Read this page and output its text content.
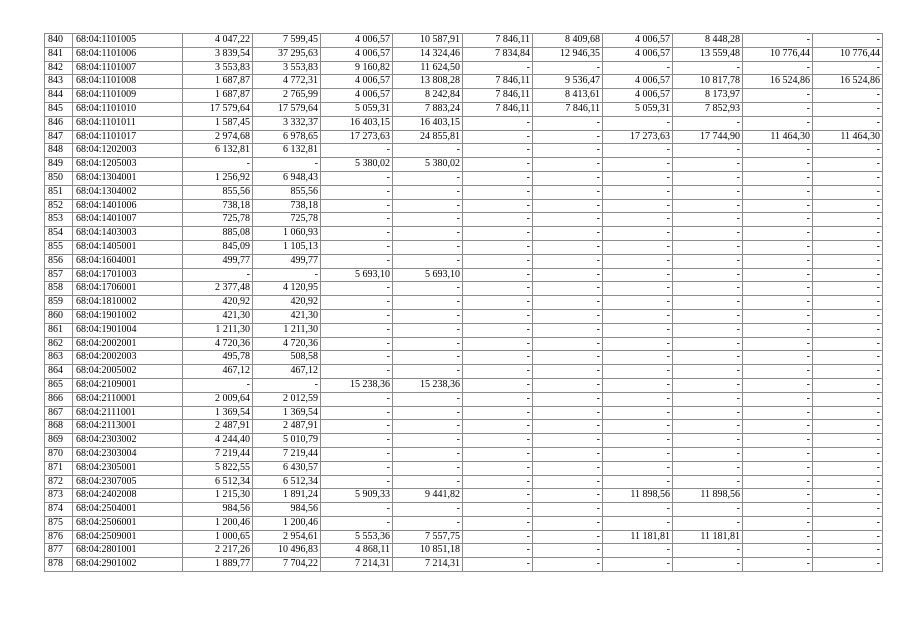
840	68:04:1101005	4 047,22	7 599,45	4 006,57	10 587,91	7 846,11	8 409,68	4 006,57	8 448,28	-	-
841	68:04:1101006	3 839,54	37 295,63	4 006,57	14 324,46	7 834,84	12 946,35	4 006,57	13 559,48	10 776,44	10 776,44
842	68:04:1101007	3 553,83	3 553,83	9 160,82	11 624,50	-	-	-	-	-	-
843	68:04:1101008	1 687,87	4 772,31	4 006,57	13 808,28	7 846,11	9 536,47	4 006,57	10 817,78	16 524,86	16 524,86
844	68:04:1101009	1 687,87	2 765,99	4 006,57	8 242,84	7 846,11	8 413,61	4 006,57	8 173,97	-	-
845	68:04:1101010	17 579,64	17 579,64	5 059,31	7 883,24	7 846,11	7 846,11	5 059,31	7 852,93	-	-
846	68:04:1101011	1 587,45	3 332,37	16 403,15	16 403,15	-	-	-	-	-	-
847	68:04:1101017	2 974,68	6 978,65	17 273,63	24 855,81	-	-	17 273,63	17 744,90	11 464,30	11 464,30
848	68:04:1202003	6 132,81	6 132,81	-	-	-	-	-	-	-	-
849	68:04:1205003	-	-	5 380,02	5 380,02	-	-	-	-	-	-
850	68:04:1304001	1 256,92	6 948,43	-	-	-	-	-	-	-	-
851	68:04:1304002	855,56	855,56	-	-	-	-	-	-	-	-
852	68:04:1401006	738,18	738,18	-	-	-	-	-	-	-	-
853	68:04:1401007	725,78	725,78	-	-	-	-	-	-	-	-
854	68:04:1403003	885,08	1 060,93	-	-	-	-	-	-	-	-
855	68:04:1405001	845,09	1 105,13	-	-	-	-	-	-	-	-
856	68:04:1604001	499,77	499,77	-	-	-	-	-	-	-	-
857	68:04:1701003	-	-	5 693,10	5 693,10	-	-	-	-	-	-
858	68:04:1706001	2 377,48	4 120,95	-	-	-	-	-	-	-	-
859	68:04:1810002	420,92	420,92	-	-	-	-	-	-	-	-
860	68:04:1901002	421,30	421,30	-	-	-	-	-	-	-	-
861	68:04:1901004	1 211,30	1 211,30	-	-	-	-	-	-	-	-
862	68:04:2002001	4 720,36	4 720,36	-	-	-	-	-	-	-	-
863	68:04:2002003	495,78	508,58	-	-	-	-	-	-	-	-
864	68:04:2005002	467,12	467,12	-	-	-	-	-	-	-	-
865	68:04:2109001	-	-	15 238,36	15 238,36	-	-	-	-	-	-
866	68:04:2110001	2 009,64	2 012,59	-	-	-	-	-	-	-	-
867	68:04:2111001	1 369,54	1 369,54	-	-	-	-	-	-	-	-
868	68:04:2113001	2 487,91	2 487,91	-	-	-	-	-	-	-	-
869	68:04:2303002	4 244,40	5 010,79	-	-	-	-	-	-	-	-
870	68:04:2303004	7 219,44	7 219,44	-	-	-	-	-	-	-	-
871	68:04:2305001	5 822,55	6 430,57	-	-	-	-	-	-	-	-
872	68:04:2307005	6 512,34	6 512,34	-	-	-	-	-	-	-	-
873	68:04:2402008	1 215,30	1 891,24	5 909,33	9 441,82	-	-	11 898,56	11 898,56	-	-
874	68:04:2504001	984,56	984,56	-	-	-	-	-	-	-	-
875	68:04:2506001	1 200,46	1 200,46	-	-	-	-	-	-	-	-
876	68:04:2509001	1 000,65	2 954,61	5 553,36	7 557,75	-	-	11 181,81	11 181,81	-	-
877	68:04:2801001	2 217,26	10 496,83	4 868,11	10 851,18	-	-	-	-	-	-
878	68:04:2901002	1 889,77	7 704,22	7 214,31	7 214,31	-	-	-	-	-	-
